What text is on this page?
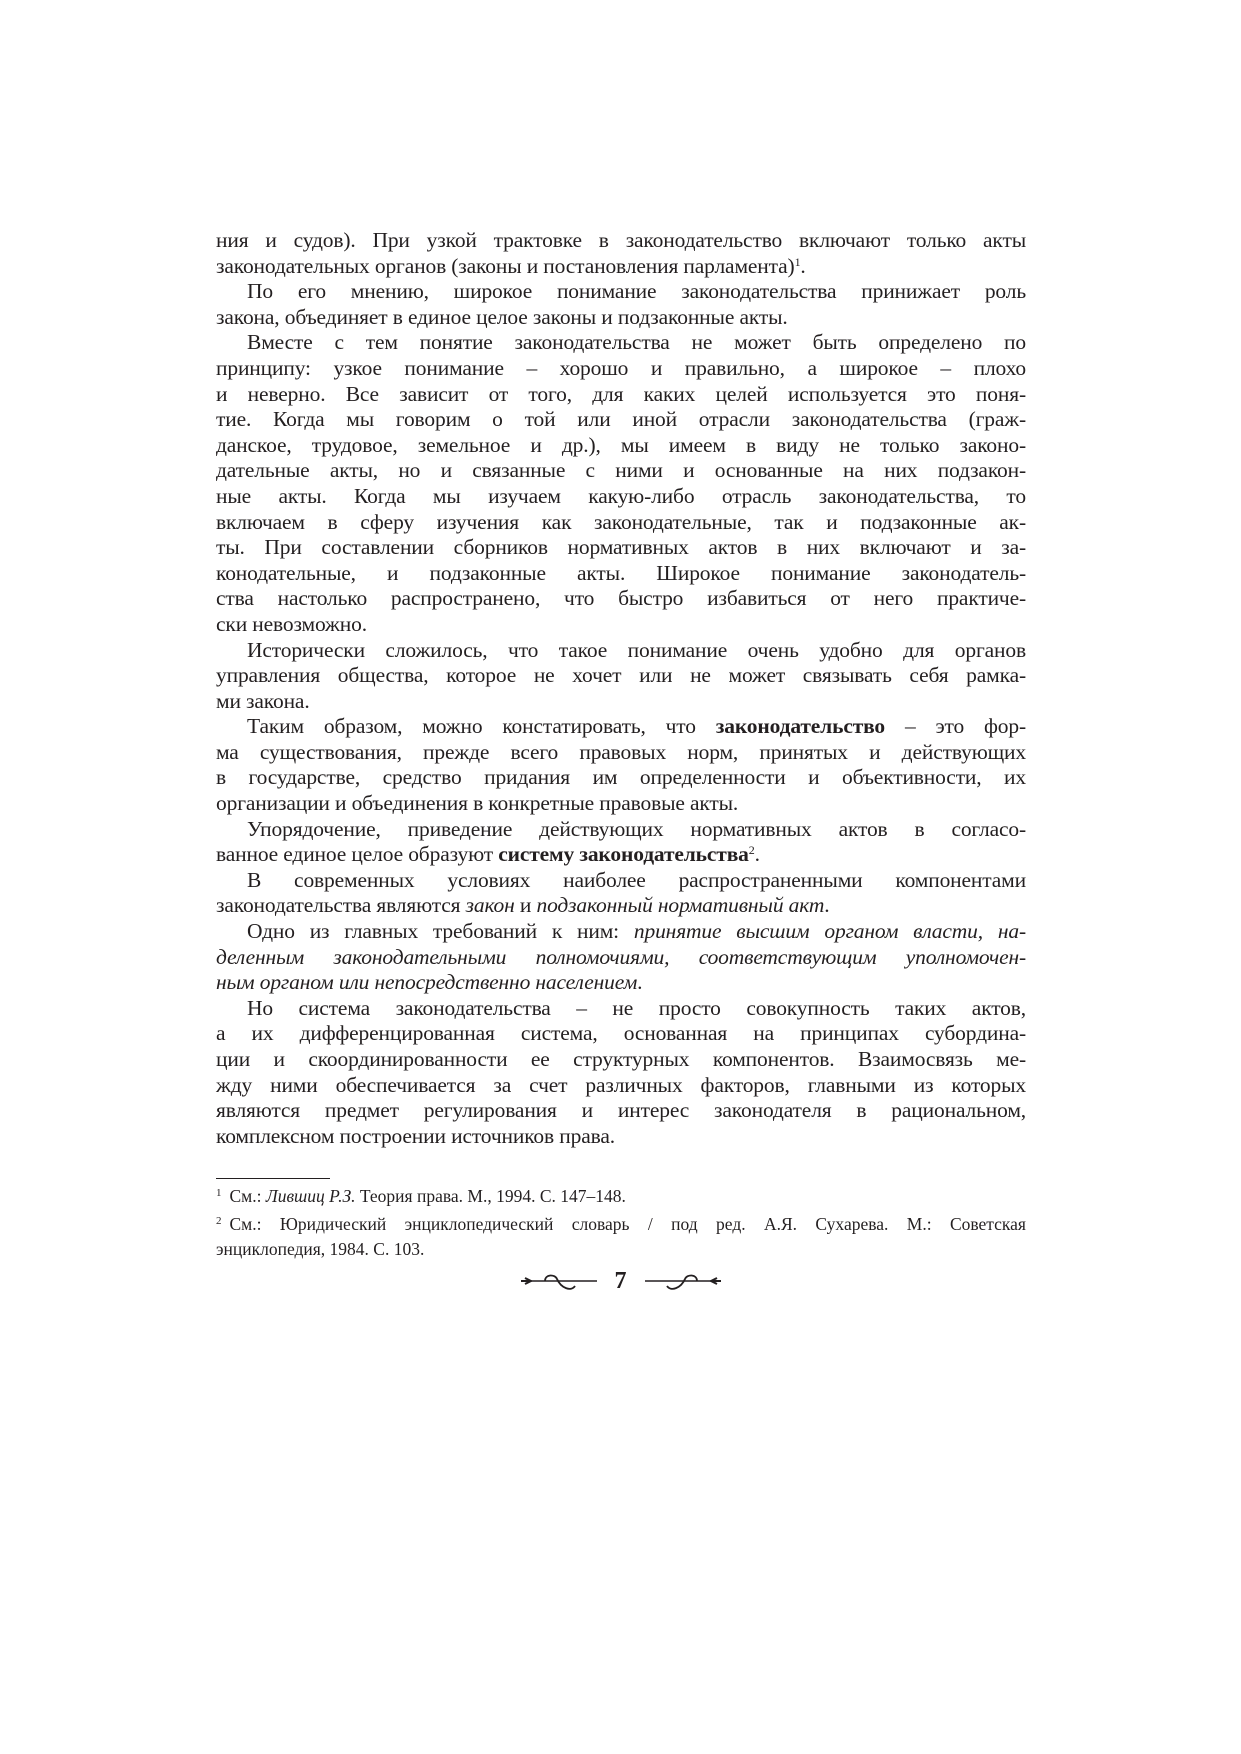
ния и судов). При узкой трактовке в законодательство включают только акты
законодательных органов (законы и постановления парламента)$^1$.
По его мнению, широкое понимание законодательства принижает роль
закона, объединяет в единое целое законы и подзаконные акты.
Вместе с тем понятие законодательства не может быть определено по
принципу: узкое понимание – хорошо и правильно, а широкое – плохо
и неверно. Все зависит от того, для каких целей используется это поня-
тие. Когда мы говорим о той или иной отрасли законодательства (граж-
данское, трудовое, земельное и др.), мы имеем в виду не только законо-
дательные акты, но и связанные с ними и основанные на них подзакон-
ные акты. Когда мы изучаем какую-либо отрасль законодательства, то
включаем в сферу изучения как законодательные, так и подзаконные ак-
ты. При составлении сборников нормативных актов в них включают и за-
конодательные, и подзаконные акты. Широкое понимание законодатель-
ства настолько распространено, что быстро избавиться от него практиче-
ски невозможно.
Исторически сложилось, что такое понимание очень удобно для органов
управления общества, которое не хочет или не может связывать себя рамка-
ми закона.
Таким образом, можно констатировать, что законодательство – это фор-
ма существования, прежде всего правовых норм, принятых и действующих
в государстве, средство придания им определенности и объективности, их
организации и объединения в конкретные правовые акты.
Упорядочение, приведение действующих нормативных актов в согласо-
ванное единое целое образуют систему законодательства$^2$.
В современных условиях наиболее распространенными компонентами
законодательства являются закон и подзаконный нормативный акт.
Одно из главных требований к ним: принятие высшим органом власти, на-
деленным законодательными полномочиями, соответствующим уполномочен-
ным органом или непосредственно населением.
Но система законодательства – не просто совокупность таких актов,
а их дифференцированная система, основанная на принципах субордина-
ции и скоординированности ее структурных компонентов. Взаимосвязь ме-
жду ними обеспечивается за счет различных факторов, главными из которых
являются предмет регулирования и интерес законодателя в рациональном,
комплексном построении источников права.
$^1$ См.: Лившиц Р.З. Теория права. М., 1994. С. 147–148.
$^2$ См.: Юридический энциклопедический словарь / под ред. А.Я. Сухарева. М.: Советская
энциклопедия, 1984. С. 103.
7
